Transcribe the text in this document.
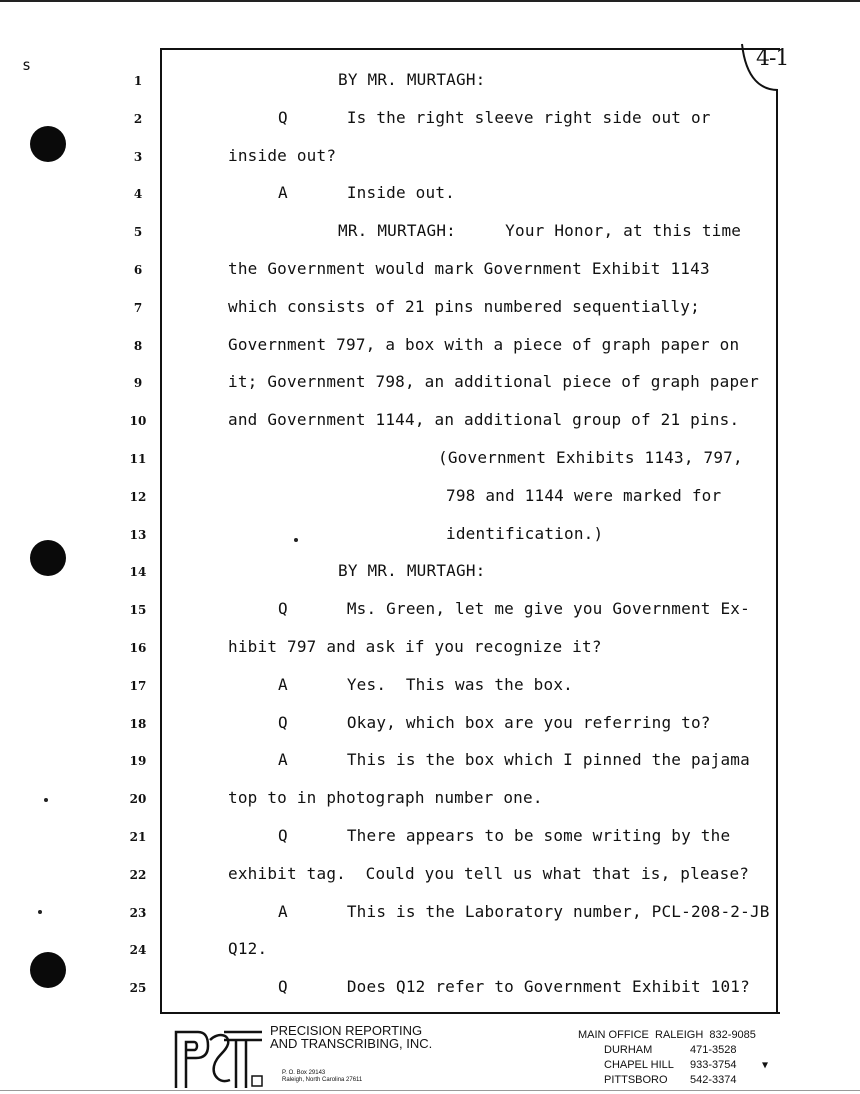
s	4-1
1	BY MR. MURTAGH:
2	Q      Is the right sleeve right side out or
3	inside out?
4	A      Inside out.
5	MR. MURTAGH:     Your Honor, at this time
6	the Government would mark Government Exhibit 1143
7	which consists of 21 pins numbered sequentially;
8	Government 797, a box with a piece of graph paper on
9	it; Government 798, an additional piece of graph paper
10	and Government 1144, an additional group of 21 pins.
11	(Government Exhibits 1143, 797,
12	798 and 1144 were marked for
13	identification.)
14	BY MR. MURTAGH:
15	Q      Ms. Green, let me give you Government Ex-
16	hibit 797 and ask if you recognize it?
17	A      Yes.  This was the box.
18	Q      Okay, which box are you referring to?
19	A      This is the box which I pinned the pajama
20	top to in photograph number one.
21	Q      There appears to be some writing by the
22	exhibit tag.  Could you tell us what that is, please?
23	A      This is the Laboratory number, PCL-208-2-JB
24	Q12.
25	Q      Does Q12 refer to Government Exhibit 101?
PRECISION REPORTING
AND TRANSCRIBING, INC.
P. O. Box 29143
Raleigh, North Carolina 27611
MAIN OFFICE  RALEIGH 832-9085
DURHAM	471-3528
CHAPEL HILL 933-3754
PITTSBORO 542-3374
▼
